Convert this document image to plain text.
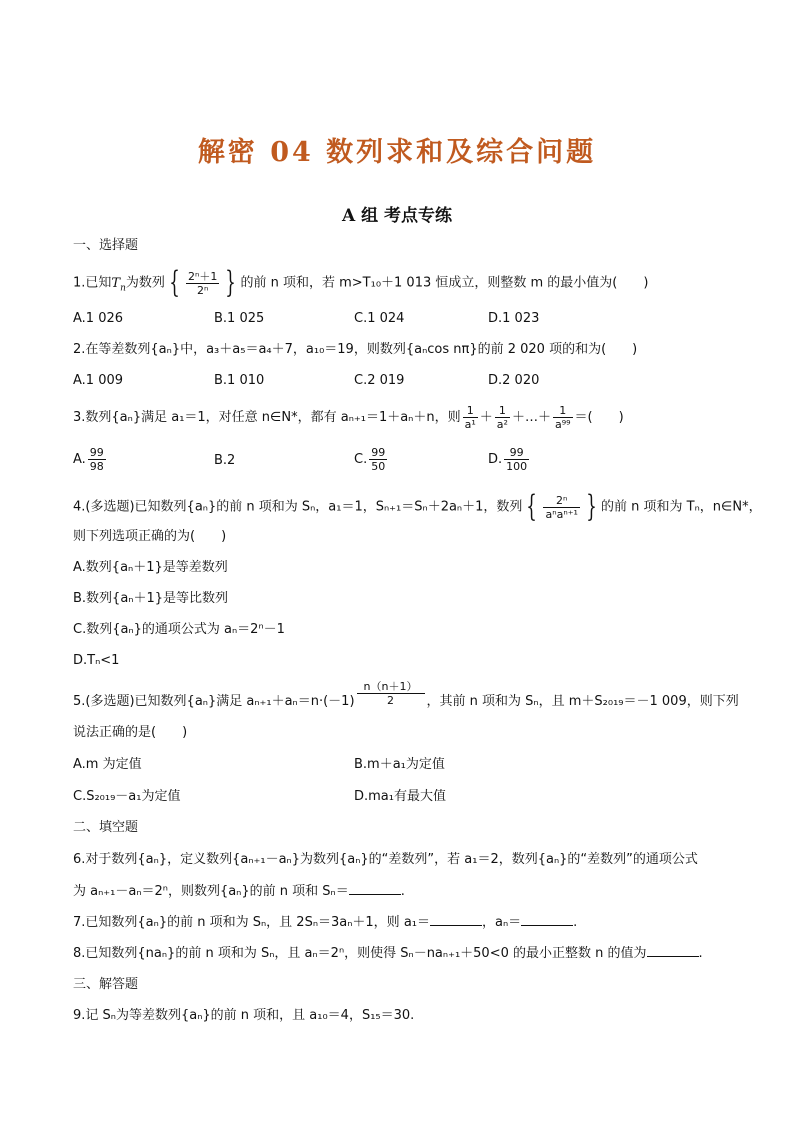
解密 04 数列求和及综合问题
A 组 考点专练
一、选择题
1.已知$T_n$为数列 { $\frac{\text{2ⁿ＋1}}{\text{2ⁿ}}$ } 的前 n 项和，若 m>T₁₀＋1 013 恒成立，则整数 m 的最小值为(　　)
A.1 026	B.1 025	C.1 024	D.1 023
2.在等差数列{aₙ}中，a₃＋a₅＝a₄＋7，a₁₀＝19，则数列{aₙcos nπ}的前 2 020 项的和为(　　)
A.1 009	B.1 010	C.2 019	D.2 020
3.数列{aₙ}满足 a₁＝1，对任意 n∈N*，都有 aₙ₊₁＝1＋aₙ＋n，则 $\frac{1}{\text{a¹}} + \frac{1}{\text{a²}}$ ＋…＋ $\frac{1}{\text{a⁹⁹}}$ ＝(　　)
A. $\frac{99}{98}$	B.2	C. $\frac{99}{50}$	D. $\frac{99}{100}$
4.(多选题)已知数列{aₙ}的前 n 项和为 Sₙ，a₁＝1，Sₙ₊₁＝Sₙ＋2aₙ＋1，数列 { $\frac{\text{2ⁿ}}{\text{aⁿaⁿ⁺¹}}$ } 的前 n 项和为 Tₙ，n∈N*，
则下列选项正确的为(　　)
A.数列{aₙ＋1}是等差数列
B.数列{aₙ＋1}是等比数列
C.数列{aₙ}的通项公式为 aₙ＝2ⁿ－1
D.Tₙ<1
5.(多选题)已知数列{aₙ}满足 $a_{n+1}+a_n=n\cdot(-1) \frac{n(n+1)}{2}$ ，其前 n 项和为 Sₙ，且 m＋S₂₀₁₉＝－1 009，则下列
说法正确的是(　　)
A.m 为定值	B.m＋a₁为定值
C.S₂₀₁₉－a₁为定值	D.ma₁有最大值
二、填空题
6.对于数列{aₙ}，定义数列{aₙ₊₁－aₙ}为数列{aₙ}的“差数列”，若 a₁＝2，数列{aₙ}的“差数列”的通项公式
为 aₙ₊₁－aₙ＝2ⁿ，则数列{aₙ}的前 n 项和 Sₙ＝	.
7.已知数列{aₙ}的前 n 项和为 Sₙ，且 2Sₙ＝3aₙ＋1，则 a₁＝	，aₙ＝	.
8.已知数列{naₙ}的前 n 项和为 Sₙ，且 aₙ＝2ⁿ，则使得 Sₙ－naₙ₊₁＋50<0 的最小正整数 n 的值为	.
三、解答题
9.记 Sₙ为等差数列{aₙ}的前 n 项和，且 a₁₀＝4，S₁₅＝30.
